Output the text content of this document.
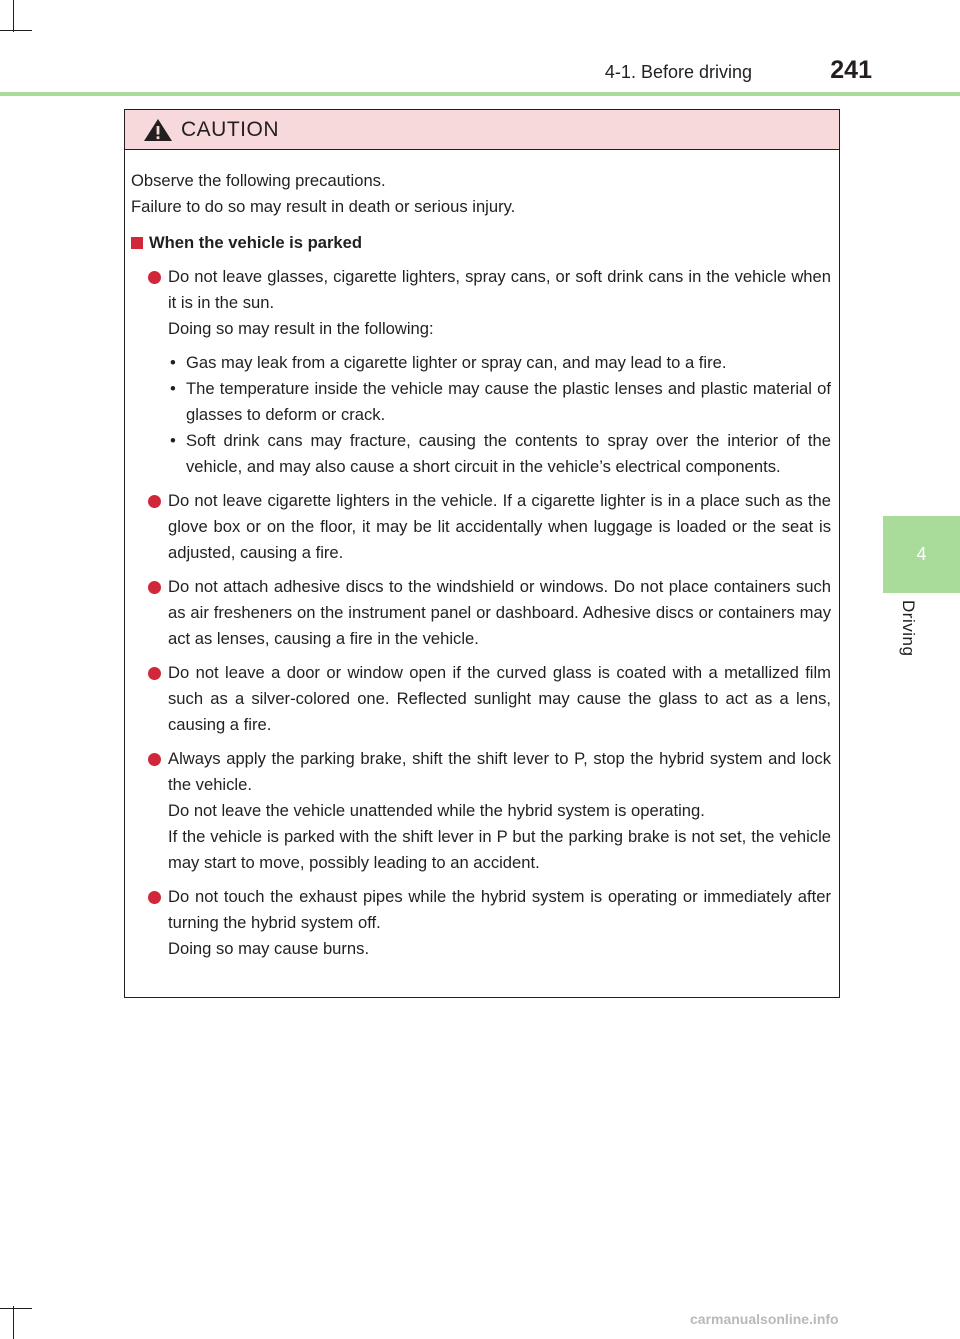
4-1. Before driving	241
4
Driving
CAUTION

Observe the following precautions.

Failure to do so may result in death or serious injury.

When the vehicle is parked

Do not leave glasses, cigarette lighters, spray cans, or soft drink cans in the vehicle when it is in the sun.

Doing so may result in the following:

• Gas may leak from a cigarette lighter or spray can, and may lead to a fire.
• The temperature inside the vehicle may cause the plastic lenses and plastic material of glasses to deform or crack.
• Soft drink cans may fracture, causing the contents to spray over the interior of the vehicle, and may also cause a short circuit in the vehicle’s electrical components.

Do not leave cigarette lighters in the vehicle. If a cigarette lighter is in a place such as the glove box or on the floor, it may be lit accidentally when luggage is loaded or the seat is adjusted, causing a fire.

Do not attach adhesive discs to the windshield or windows. Do not place containers such as air fresheners on the instrument panel or dashboard. Adhesive discs or containers may act as lenses, causing a fire in the vehicle.

Do not leave a door or window open if the curved glass is coated with a metallized film such as a silver-colored one. Reflected sunlight may cause the glass to act as a lens, causing a fire.

Always apply the parking brake, shift the shift lever to P, stop the hybrid system and lock the vehicle.

Do not leave the vehicle unattended while the hybrid system is operating.

If the vehicle is parked with the shift lever in P but the parking brake is not set, the vehicle may start to move, possibly leading to an accident.

Do not touch the exhaust pipes while the hybrid system is operating or immediately after turning the hybrid system off.

Doing so may cause burns.

carmanualsonline.info
